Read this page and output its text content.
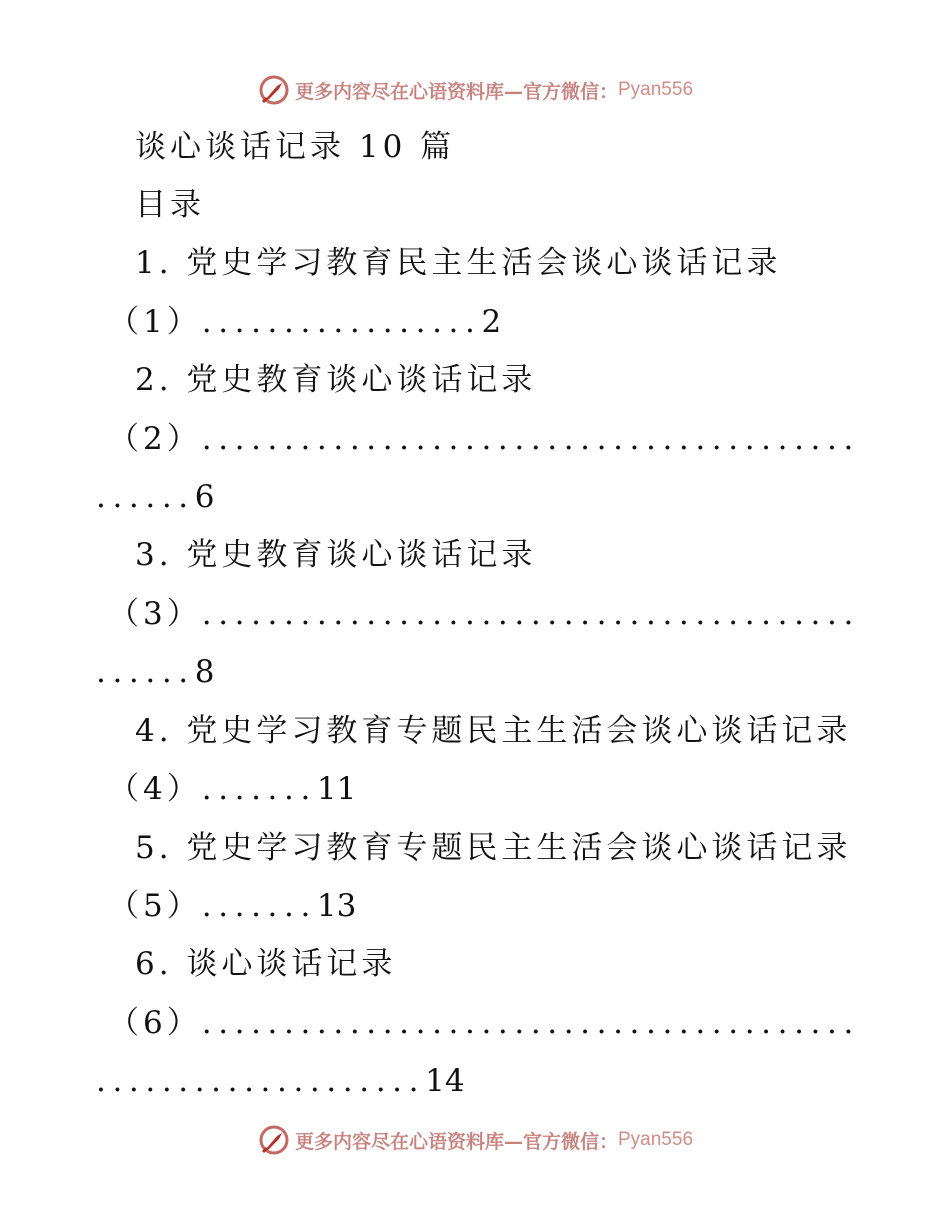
更多内容尽在心语资料库—官方微信： Pyan556
谈心谈话记录 10 篇
目录
1. 党史学习教育民主生活会谈心谈话记录
（1）.................2
2. 党史教育谈心谈话记录
（2）........................................
......6
3. 党史教育谈心谈话记录
（3）........................................
......8
4. 党史学习教育专题民主生活会谈心谈话记录
（4）.......11
5. 党史学习教育专题民主生活会谈心谈话记录
（5）.......13
6. 谈心谈话记录
（6）........................................
....................14
更多内容尽在心语资料库—官方微信： Pyan556
